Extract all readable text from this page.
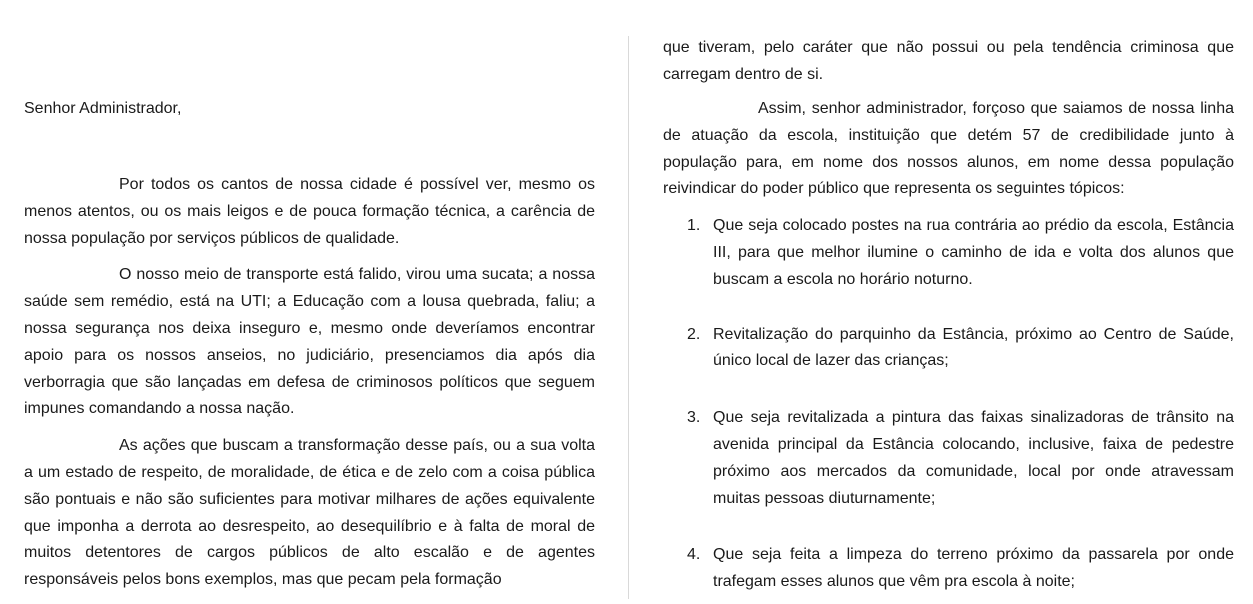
Senhor Administrador,

Por todos os cantos de nossa cidade é possível ver, mesmo os menos atentos, ou os mais leigos e de pouca formação técnica, a carência de nossa população por serviços públicos de qualidade.

O nosso meio de transporte está falido, virou uma sucata; a nossa saúde sem remédio, está na UTI; a Educação com a lousa quebrada, faliu; a nossa segurança nos deixa inseguro e, mesmo onde deveríamos encontrar apoio para os nossos anseios, no judiciário, presenciamos dia após dia verborragia que são lançadas em defesa de criminosos políticos que seguem impunes comandando a nossa nação.

As ações que buscam a transformação desse país, ou a sua volta a um estado de respeito, de moralidade, de ética e de zelo com a coisa pública são pontuais e não são suficientes para motivar milhares de ações equivalente que imponha a derrota ao desrespeito, ao desequilíbrio e à falta de moral de muitos detentores de cargos públicos de alto escalão e de agentes responsáveis pelos bons exemplos, mas que pecam pela formação

que tiveram, pelo caráter que não possui ou pela tendência criminosa que carregam dentro de si.

Assim, senhor administrador, forçoso que saiamos de nossa linha de atuação da escola, instituição que detém 57 de credibilidade junto à população para, em nome dos nossos alunos, em nome dessa população reivindicar do poder público que representa os seguintes tópicos:

1. Que seja colocado postes na rua contrária ao prédio da escola, Estância III, para que melhor ilumine o caminho de ida e volta dos alunos que buscam a escola no horário noturno.
2. Revitalização do parquinho da Estância, próximo ao Centro de Saúde, único local de lazer das crianças;
3. Que seja revitalizada a pintura das faixas sinalizadoras de trânsito na avenida principal da Estância colocando, inclusive, faixa de pedestre próximo aos mercados da comunidade, local por onde atravessam muitas pessoas diuturnamente;
4. Que seja feita a limpeza do terreno próximo da passarela por onde trafegam esses alunos que vêm pra escola à noite;
